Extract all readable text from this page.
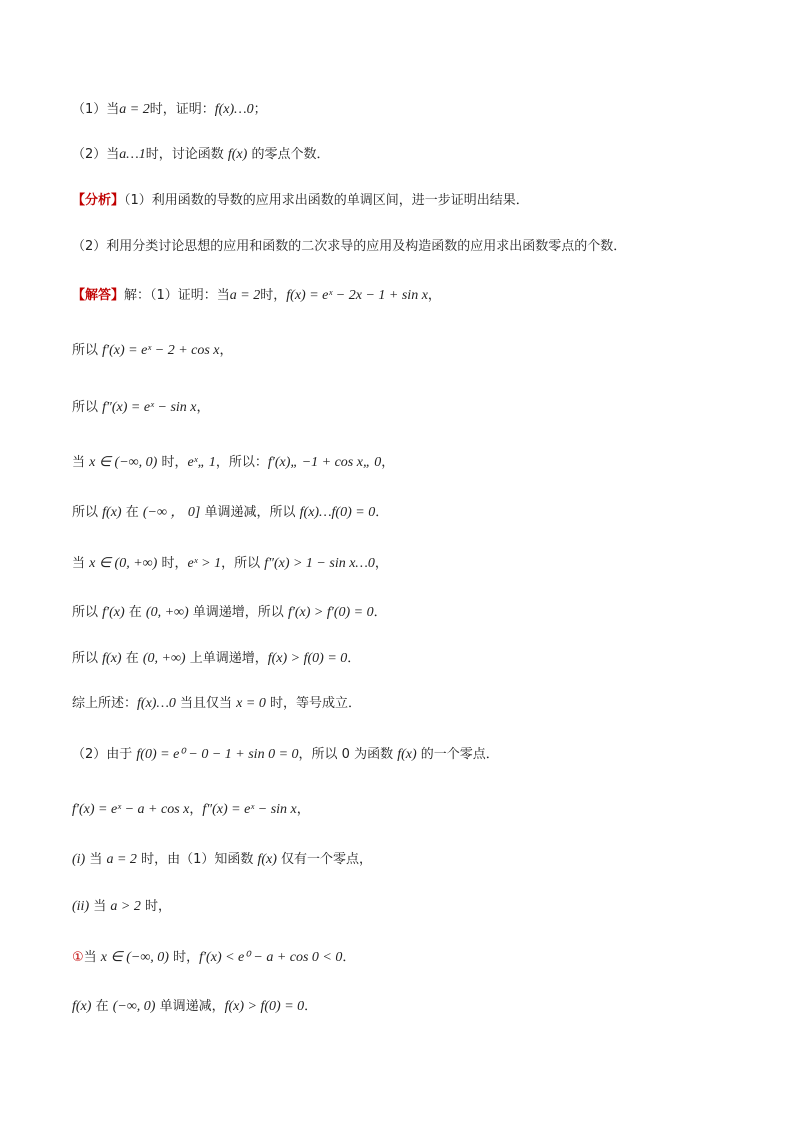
（1）当a = 2时，证明：f(x)…0；
（2）当a…1时，讨论函数 f(x) 的零点个数．
【分析】（1）利用函数的导数的应用求出函数的单调区间，进一步证明出结果．
（2）利用分类讨论思想的应用和函数的二次求导的应用及构造函数的应用求出函数零点的个数．
【解答】解：（1）证明：当a = 2时，f(x) = eˣ − 2x − 1 + sin x，
所以 f′(x) = eˣ − 2 + cos x，
所以 f″(x) = eˣ − sin x，
当 x ∈ (−∞, 0) 时，eˣ„ 1，所以：f′(x)„ −1 + cos x„ 0，
所以 f(x) 在 (−∞ ， 0] 单调递减，所以 f(x)…f(0) = 0．
当 x ∈ (0, +∞) 时，eˣ > 1，所以 f″(x) > 1 − sin x…0，
所以 f′(x) 在 (0, +∞) 单调递增，所以 f′(x) > f′(0) = 0．
所以 f(x) 在 (0, +∞) 上单调递增，f(x) > f(0) = 0．
综上所述：f(x)…0 当且仅当 x = 0 时，等号成立．
（2）由于 f(0) = e⁰ − 0 − 1 + sin 0 = 0，所以 0 为函数 f(x) 的一个零点．
f′(x) = eˣ − a + cos x，f″(x) = eˣ − sin x，
(i) 当 a = 2 时，由（1）知函数 f(x) 仅有一个零点，
(ii) 当 a > 2 时，
①当 x ∈ (−∞, 0) 时，f′(x) < e⁰ − a + cos 0 < 0．
f(x) 在 (−∞, 0) 单调递减，f(x) > f(0) = 0．
